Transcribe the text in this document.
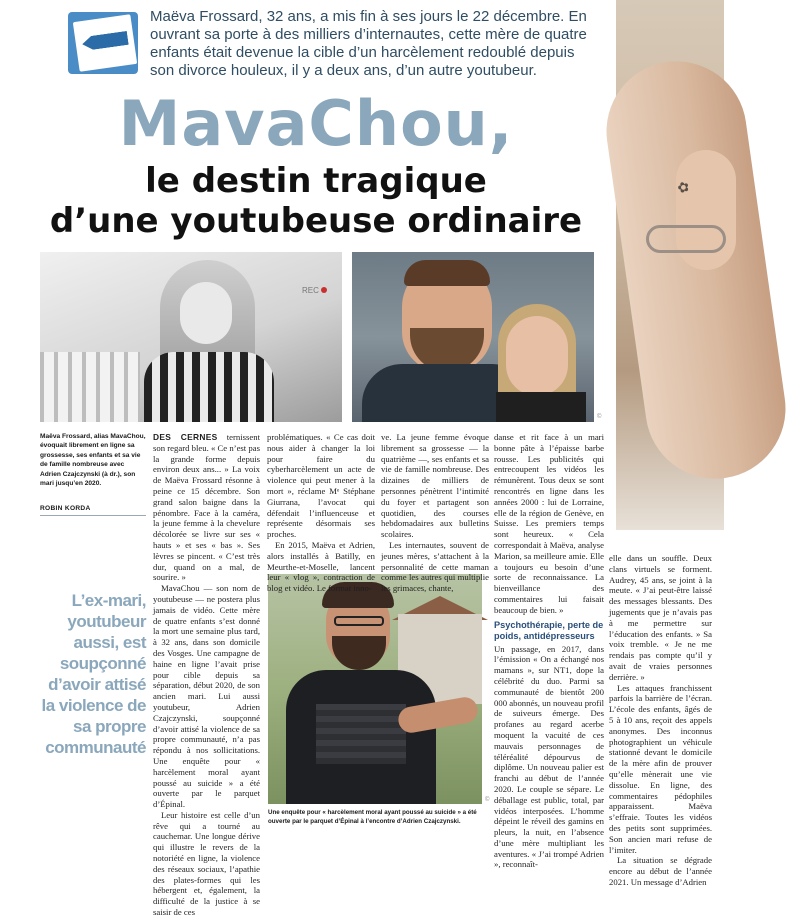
✿

Maëva Frossard, 32 ans, a mis fin à ses jours le 22 décembre. En ouvrant sa porte à des milliers d’internautes, cette mère de quatre enfants était devenue la cible d’un harcèlement redoublé depuis son divorce houleux, il y a deux ans, d’un autre youtubeur.

MavaChou,
le destin tragique
d’une youtubeuse ordinaire
REC
©
©

Maëva Frossard, alias MavaChou, évoquait librement en ligne sa grossesse, ses enfants et sa vie de famille nombreuse avec Adrien Czajczynski (à dr.), son mari jusqu’en 2020.

ROBIN KORDA

Une enquête pour « harcèlement moral ayant poussé au suicide » a été ouverte par le parquet d’Épinal à l’encontre d’Adrien Czajczynski.

L’ex-mari, youtubeur aussi, est soupçonné d’avoir attisé la violence de sa propre communauté

DES CERNES ternissent son regard bleu. « Ce n’est pas la grande forme depuis environ deux ans... » La voix de Maëva Frossard résonne à peine ce 15 décembre. Son grand salon baigne dans la pénombre. Face à la caméra, la jeune femme à la chevelure décolorée se livre sur ses « hauts » et ses « bas ». Ses lèvres se pincent. « C’est très dur, quand on a mal, de sourire. »

MavaChou — son nom de youtubeuse — ne postera plus jamais de vidéo. Cette mère de quatre enfants s’est donné la mort une semaine plus tard, à 32 ans, dans son domicile des Vosges. Une campagne de haine en ligne l’avait prise pour cible depuis sa séparation, début 2020, de son ancien mari. Lui aussi youtubeur, Adrien Czajczynski, soupçonné d’avoir attisé la violence de sa propre communauté, n’a pas répondu à nos sollicitations. Une enquête pour « harcèlement moral ayant poussé au suicide » a été ouverte par le parquet d’Épinal.

Leur histoire est celle d’un rêve qui a tourné au cauchemar. Une longue dérive qui illustre le revers de la notoriété en ligne, la violence des réseaux sociaux, l’apathie des plates-formes qui les hébergent et, également, la difficulté de la justice à se saisir de ces

problématiques. « Ce cas doit nous aider à changer la loi pour faire du cyberharcèlement un acte de violence qui peut mener à la mort », réclame Mᵉ Stéphane Giurrana, l’avocat qui défendait l’influenceuse et représente désormais ses proches.

En 2015, Maëva et Adrien, alors installés à Batilly, en Meurthe-et-Moselle, lancent leur « vlog », contraction de blog et vidéo. Le format inno-

ve. La jeune femme évoque librement sa grossesse — la quatrième —, ses enfants et sa vie de famille nombreuse. Des dizaines de milliers de personnes pénètrent l’intimité du foyer et partagent son quotidien, des courses hebdomadaires aux bulletins scolaires.

Les internautes, souvent de jeunes mères, s’attachent à la personnalité de cette maman comme les autres qui multiplie les grimaces, chante,

danse et rit face à un mari bonne pâte à l’épaisse barbe rousse. Les publicités qui entrecoupent les vidéos les rémunèrent. Tous deux se sont rencontrés en ligne dans les années 2000 : lui de Lorraine, elle de la région de Genève, en Suisse. Les premiers temps sont heureux. « Cela correspondait à Maëva, analyse Marion, sa meilleure amie. Elle a toujours eu besoin d’une sorte de reconnaissance. La bienveillance des commentaires lui faisait beaucoup de bien. »

Psychothérapie, perte de poids, antidépresseurs

Un passage, en 2017, dans l’émission « On a échangé nos mamans », sur NT1, dope la célébrité du duo. Parmi sa communauté de bientôt 200 000 abonnés, un nouveau profil de suiveurs émerge. Des profanes au regard acerbe moquent la vacuité de ces mauvais personnages de téléréalité dépourvus de diplôme. Un nouveau palier est franchi au début de l’année 2020. Le couple se sépare. Le déballage est public, total, par vidéos interposées. L’homme dépeint le réveil des gamins en pleurs, la nuit, en l’absence d’une mère multipliant les aventures. « J’ai trompé Adrien », reconnaît-

elle dans un souffle. Deux clans virtuels se forment. Audrey, 45 ans, se joint à la meute. « J’ai peut-être laissé des messages blessants. Des jugements que je n’avais pas à me permettre sur l’éducation des enfants. » Sa voix tremble. « Je ne me rendais pas compte qu’il y avait de vraies personnes derrière. »

Les attaques franchissent parfois la barrière de l’écran. L’école des enfants, âgés de 5 à 10 ans, reçoit des appels anonymes. Des inconnus photographient un véhicule stationné devant le domicile de la mère afin de prouver qu’elle mènerait une vie dissolue. En ligne, des commentaires pédophiles apparaissent. Maëva s’effraie. Toutes les vidéos des petits sont supprimées. Son ancien mari refuse de l’imiter.

La situation se dégrade encore au début de l’année 2021. Un message d’Adrien
